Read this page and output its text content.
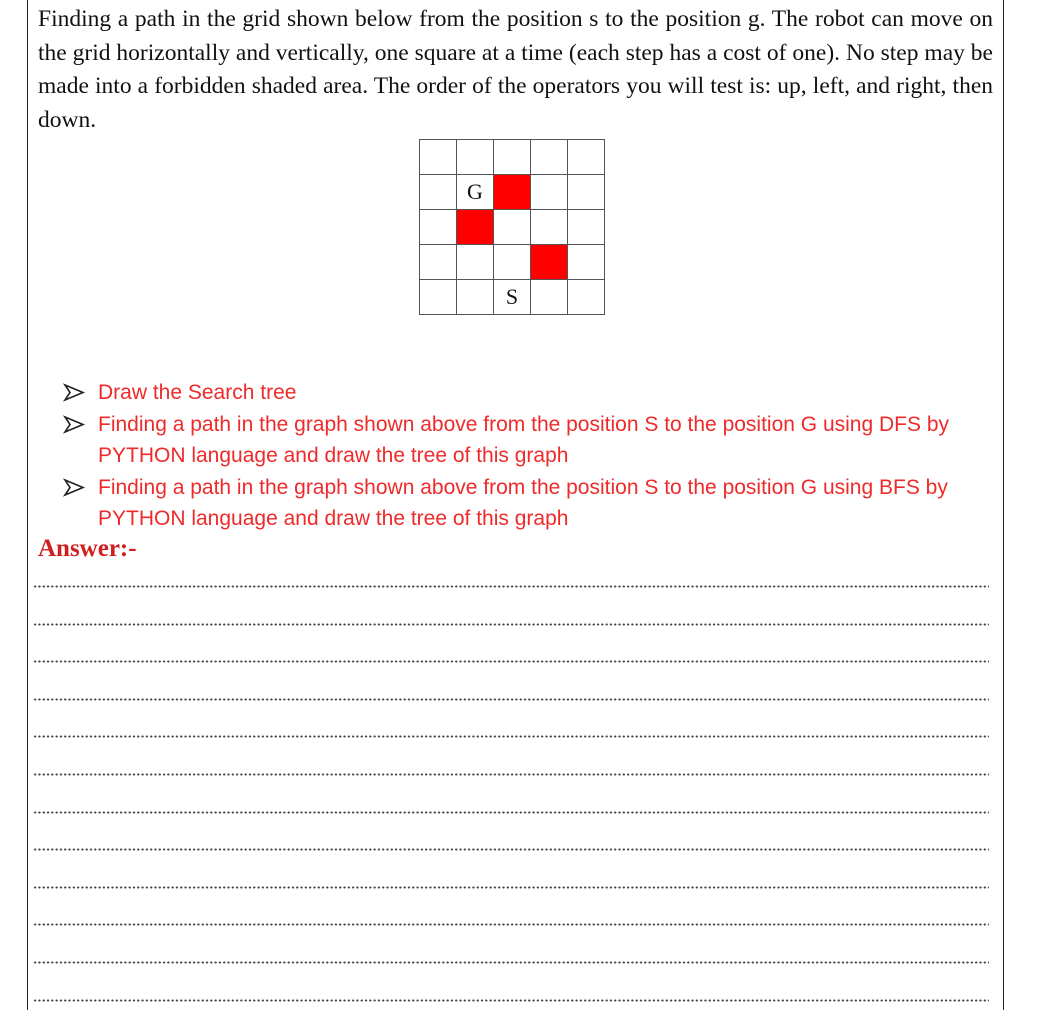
Finding a path in the grid shown below from the position s to the position g. The robot can move on the grid horizontally and vertically, one square at a time (each step has a cost of one). No step may be made into a forbidden shaded area. The order of the operators you will test is: up, left, and right, then down.

	G			

		S		
Draw the Search tree
Finding a path in the graph shown above from the position S to the position G using DFS by PYTHON language and draw the tree of this graph
Finding a path in the graph shown above from the position S to the position G using BFS by PYTHON language and draw the tree of this graph
Answer:-
